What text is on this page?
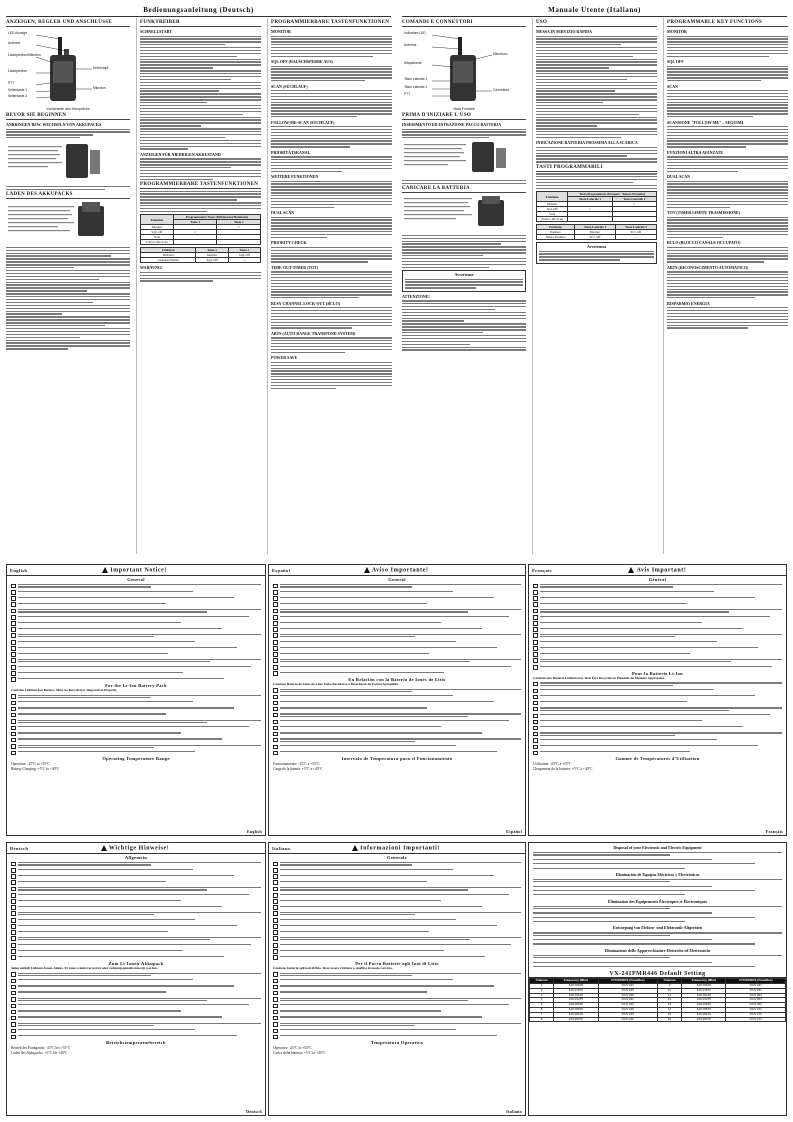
Bedienungsanleitung (Deutsch)
ANZEIGEN, REGLER UND ANSCHLÜSSE
LED Anzeige
Antenne
Lautsprecher/Mikrofon
Lautsprecher
Drehknopf
PTT
Seitentaste 1
Seitentaste 2
Mikrofon
Vorderseite des Hörspräche
BEVOR SIE BEGINNEN
ANBRINGEN BZW. WECHSELN VON AKKUPACKS
LADEN DES AKKUPACKS
FUNKTREIBER
SCHNELLSTART
ANZEIGEN FÜR NIEDRIGEN AKKUSTAND
PROGRAMMIERBARE TASTENFUNKTIONEN
Funktion	Programmierte Taste (Drücken bei Benutzen)	
	Taste 1	Taste 2
Monitor		✓
SQL Off	✓	
Scan		
Follow-Me-Scan		
Funktion	Taste 1	Taste 2
Drücken	Monitor	SQL Off
Gedrückt Halten	SQL Off	—
WARNUNG!
PROGRAMMIERBARE TASTENFUNKTIONEN
MONITOR
SQL OFF (RAUSCHSPERRE AUS)
SCAN (SUCHLAUF)
FOLLOW-ME-SCAN (SUCHLAUF)
PRIORITÄTSKANAL
WEITERE FUNKTIONEN
DUAL SCAN
PRIORITY CHECK
TIME-OUT-TIMER (TOT)
BUSY CHANNEL LOCK-OUT (BCLO)
ARTS (AUTO RANGE TRANSPOND SYSTEM)
POWER SAVE
Manuale Utente (Italiano)
COMANDI E CONNETTORI
Indicatore LED
Antenna
Altoparlante
Tasto Laterale 1
Tasto Laterale 2
PTT
Microfono
Connettore
Vista Frontale
PRIMA D'INIZIARE L'USO
INSERIMENTO ED ESTRAZIONE PACCO BATTERIA
CARICARE LA BATTERIA
Avvertenze
ATTENZIONE!
USO
MESSA IN SERVIZIO RAPIDA
INDICAZIONE BATTERIA PROSSIMA ALLA SCARICA
TASTI PROGRAMMABILI
Funzione	Tasto Programmato (Premere / Tenere Premuto)	
	Tasto Laterale 1	Tasto Laterale 2
Monitor		✓
SCL Off	✓	
Scan		
Follow-Me Scan		
Funzione	Tasto Laterale 1	Tasto Laterale 2
Premere	Monitor	SCL Off
Tenere Premuto	SCL Off	—
Avvertenza
PROGRAMMABLE KEY FUNCTIONS
MONITOR
SQL OFF
SCAN
SCANSIONE "FOLLOW-ME" – SEGUIMI
FUNZIONI ALTRA AVANZATE
DUAL SCAN
TOT (TIMER LIMITE TRASMISSIONE)
BCLO (BLOCCO CANALE OCCUPATO)
ARTS (RICONOSCIMENTO AUTOMATICO)
RISPARMIO ENERGIA
English	Important Notice!
General
For the Li-Ion Battery Pack
Contains Lithium-Ion Battery. Must be Recycled or Disposed of Properly.
Operating Temperature Range
Operation: -25°C to +55°C
Battery Charging: +5°C to +40°C
English
Español	Aviso Importante!
General
En Relación con la Batería de Iones de Litio
Contiene Batería de Iones de Litio. Debe Reciclarse o Desecharse de Forma Apropiada.
Intervalo de Temperatura para el Funcionamiento
Funcionamiento: -25°C a +55°C
Carga de la batería: +5°C a +40°C
Español
Français	Avis Important!
Général
Pour la Batterie Li-Ion
Contient une Batterie Lithium-Ion. Doit Être Recyclée ou Éliminée de Manière Appropriée.
Gamme de Températures d'Utilisation
Utilisation: -25°C à +55°C
Chargement de la batterie: +5°C à +40°C
Français
Deutsch	Wichtige Hinweise!
Allgemein
Zum Li-Ionen-Akkupack
Akku enthält Lithium-Ionen-Akkus. Er muss wiederverwertet oder ordnungsgemäß entsorgt werden.
Betriebstemperaturbereich
Betrieb des Funkgeräts: -25°C bis +55°C
Laden des Akkupacks: +5°C bis +40°C
Deutsch
Italiano	Informazioni Importanti!
Generale
Per il Pacco Batterie agli Ioni di Litio
Contiene batteria agli ioni di litio. Deve essere riciclata o smaltita in modo corretto.
Temperatura Operativa
Operativa: -25°C to +55°C
Carica della batteria: +5°C to +40°C
Italiano
Disposal of your Electronic and Electric Equipment
Eliminación de Equipos Eléctricos y Electrónicos
Élimination des Équipements Électriques et Électroniques
Entsorgung von Elektro- und Elektronik-Altgeräten
Eliminazione delle Apparecchiature Elettriche ed Elettroniche
VX-241PMR446 Default Setting
Channel	Frequency (MHz)	CTCSS/DCS (Tone/Dcs)	Channel	Frequency (MHz)	CTCSS/DCS (Tone/Dcs)
1	446.00625	DCS 023	9	446.00625	DCS 047
2	446.01875	DCS 025	10	446.01875	DCS 051
3	446.03125	DCS 026	11	446.03125	DCS 053
4	446.04375	DCS 031	12	446.04375	DCS 054
5	446.05625	DCS 032	13	446.05625	DCS 065
6	446.06875	DCS 036	14	446.06875	DCS 071
7	446.08125	DCS 043	15	446.08125	DCS 072
8	446.09375	DCS 046	16	446.09375	DCS 073
